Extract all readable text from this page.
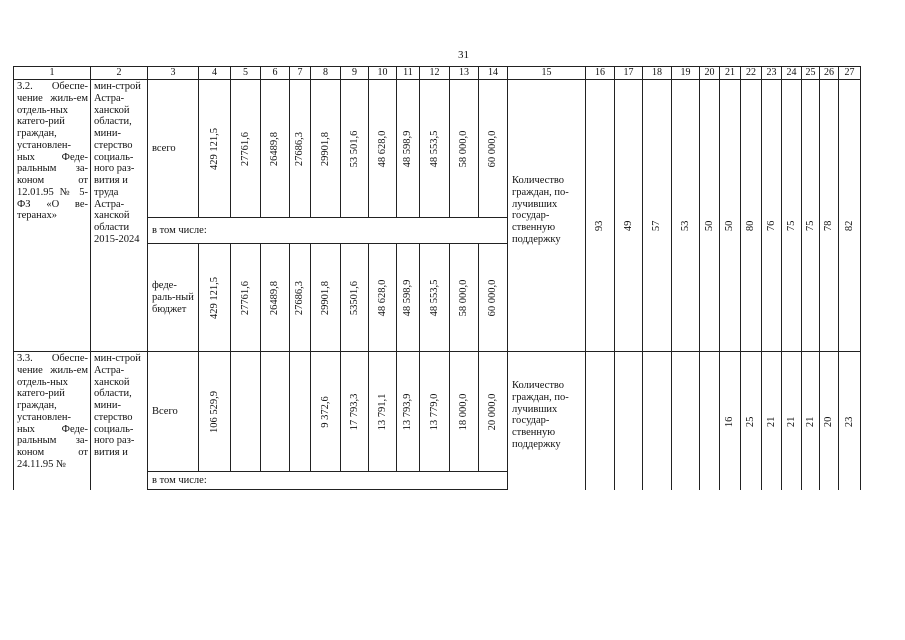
31
1	2	3	4	5	6	7	8	9	10	11	12	13	14	15	16	17	18	19	20	21	22	23	24	25	26	27
3.2. Обеспе-чение жиль-ем отдель-ных катего-рий граждан, установлен-ных Феде-ральным за-коном от 12.01.95 № 5-ФЗ «О ве-теранах»	мин-строй Астра-ханской области, мини-стерство социаль-ного раз-вития и труда Астра-ханской области 2015-2024	всего	429 121,5	27761,6	26489,8	27686,3	29901,8	53 501,6	48 628,0	48 598,9	48 553,5	58 000,0	60 000,0	Количество граждан, по-лучивших государ-ственную поддержку	93	49	57	53	50	50	80	76	75	75	78	82

		в том числе:																								
		феде-раль-ный бюджет	429 121,5	27761,6	26489,8	27686,3	29901,8	53501,6	48 628,0	48 598,9	48 553,5	58 000,0	60 000,0													

3.3. Обеспе-чение жиль-ем отдель-ных катего-рий граждан, установлен-ных Феде-ральным за-коном от 24.11.95 №	мин-строй Астра-ханской области, мини-стерство социаль-ного раз-вития и	Всего	106 529,9				9 372,6	17 793,3	13 791,1	13 793,9	13 779,0	18 000,0	20 000,0	Количество граждан, по-лучивших государ-ственную поддержку						16	25	21	21	21	20	23

		в том числе:																								
